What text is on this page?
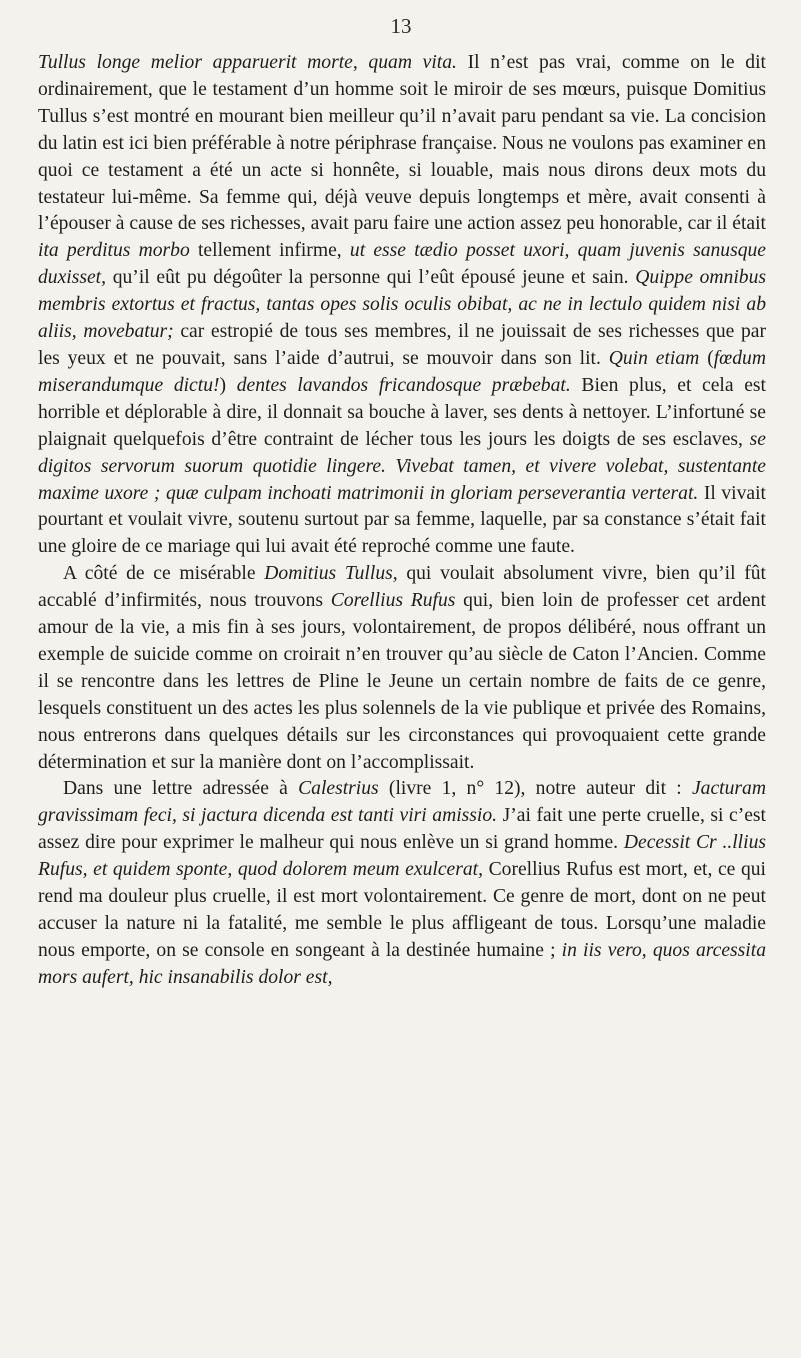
13

Tullus longe melior apparuerit morte, quam vita. Il n’est pas vrai, comme on le dit ordinairement, que le testament d’un homme soit le miroir de ses mœurs, puisque Domitius Tullus s’est montré en mourant bien meilleur qu’il n’avait paru pendant sa vie. La concision du latin est ici bien préférable à notre périphrase française. Nous ne voulons pas examiner en quoi ce testament a été un acte si honnête, si louable, mais nous dirons deux mots du testateur lui-même. Sa femme qui, déjà veuve depuis longtemps et mère, avait consenti à l’épouser à cause de ses richesses, avait paru faire une action assez peu honorable, car il était ita perditus morbo tellement infirme, ut esse tædio posset uxori, quam juvenis sanusque duxisset, qu’il eût pu dégoûter la personne qui l’eût épousé jeune et sain. Quippe omnibus membris extortus et fractus, tantas opes solis oculis obibat, ac ne in lectulo quidem nisi ab aliis, movebatur; car estropié de tous ses membres, il ne jouissait de ses richesses que par les yeux et ne pouvait, sans l’aide d’autrui, se mouvoir dans son lit. Quin etiam (fœdum miserandumque dictu!) dentes lavandos fricandosque præbebat. Bien plus, et cela est horrible et déplorable à dire, il donnait sa bouche à laver, ses dents à nettoyer. L’infortuné se plaignait quelquefois d’être contraint de lécher tous les jours les doigts de ses esclaves, se digitos servorum suorum quotidie lingere. Vivebat tamen, et vivere volebat, sustentante maxime uxore ; quæ culpam inchoati matrimonii in gloriam perseverantia verterat. Il vivait pourtant et voulait vivre, soutenu surtout par sa femme, laquelle, par sa constance s’était fait une gloire de ce mariage qui lui avait été reproché comme une faute.

A côté de ce misérable Domitius Tullus, qui voulait absolument vivre, bien qu’il fût accablé d’infirmités, nous trouvons Corellius Rufus qui, bien loin de professer cet ardent amour de la vie, a mis fin à ses jours, volontairement, de propos délibéré, nous offrant un exemple de suicide comme on croirait n’en trouver qu’au siècle de Caton l’Ancien. Comme il se rencontre dans les lettres de Pline le Jeune un certain nombre de faits de ce genre, lesquels constituent un des actes les plus solennels de la vie publique et privée des Romains, nous entrerons dans quelques détails sur les circonstances qui provoquaient cette grande détermination et sur la manière dont on l’accomplissait.

Dans une lettre adressée à Calestrius (livre 1, n° 12), notre auteur dit : Jacturam gravissimam feci, si jactura dicenda est tanti viri amissio. J’ai fait une perte cruelle, si c’est assez dire pour exprimer le malheur qui nous enlève un si grand homme. Decessit Cr ..llius Rufus, et quidem sponte, quod dolorem meum exulcerat, Corellius Rufus est mort, et, ce qui rend ma douleur plus cruelle, il est mort volontairement. Ce genre de mort, dont on ne peut accuser la nature ni la fatalité, me semble le plus affligeant de tous. Lorsqu’une maladie nous emporte, on se console en songeant à la destinée humaine ; in iis vero, quos arcessita mors aufert, hic insanabilis dolor est,
